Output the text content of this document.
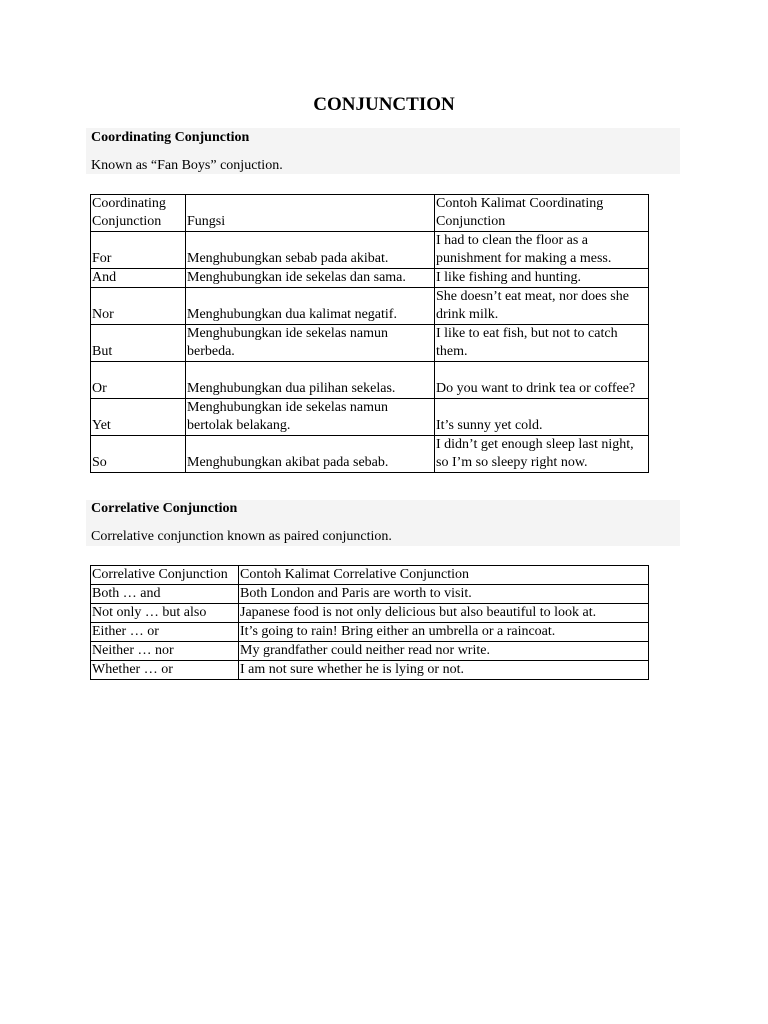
CONJUNCTION
Coordinating Conjunction
Known as “Fan Boys” conjuction.
Coordinating Conjunction	Fungsi	Contoh Kalimat Coordinating Conjunction
For	Menghubungkan sebab pada akibat.	I had to clean the floor as a punishment for making a mess.
And	Menghubungkan ide sekelas dan sama.	I like fishing and hunting.
Nor	Menghubungkan dua kalimat negatif.	She doesn’t eat meat, nor does she drink milk.
But	Menghubungkan ide sekelas namun berbeda.	I like to eat fish, but not to catch them.
Or	Menghubungkan dua pilihan sekelas.	Do you want to drink tea or coffee?
Yet	Menghubungkan ide sekelas namun bertolak belakang.	It’s sunny yet cold.
So	Menghubungkan akibat pada sebab.	I didn’t get enough sleep last night, so I’m so sleepy right now.
Correlative Conjunction
Correlative conjunction known as paired conjunction.
Correlative Conjunction	Contoh Kalimat Correlative Conjunction
Both … and	Both London and Paris are worth to visit.
Not only … but also	Japanese food is not only delicious but also beautiful to look at.
Either … or	It’s going to rain! Bring either an umbrella or a raincoat.
Neither … nor	My grandfather could neither read nor write.
Whether … or	I am not sure whether he is lying or not.
